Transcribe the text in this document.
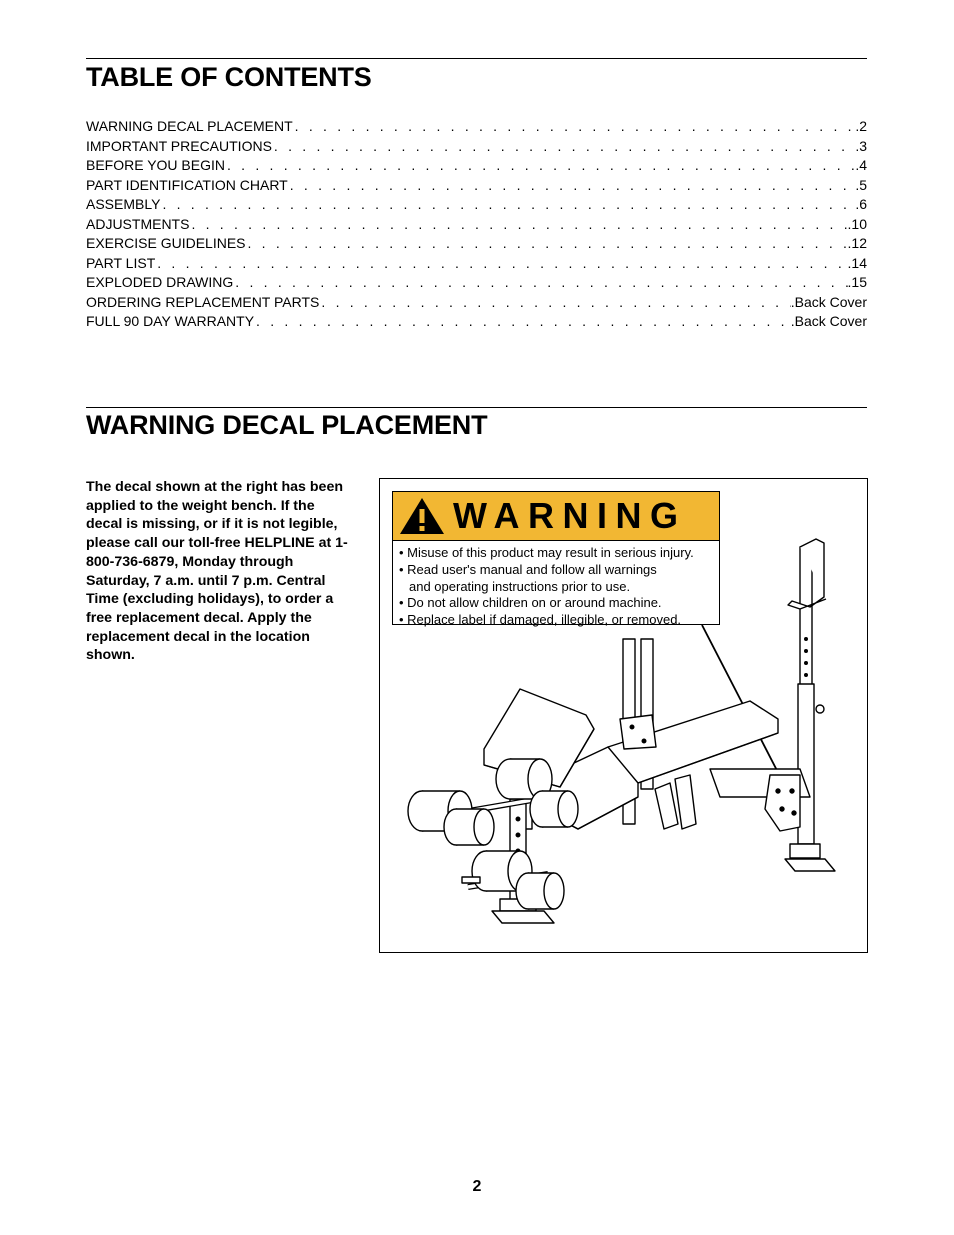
TABLE OF CONTENTS
WARNING DECAL PLACEMENT . . .	.2
IMPORTANT PRECAUTIONS . . .	.3
BEFORE YOU BEGIN . . .	.4
PART IDENTIFICATION CHART . . .	.5
ASSEMBLY . . .	.6
ADJUSTMENTS . . .	.10
EXERCISE GUIDELINES . . .	.12
PART LIST . . .	.14
EXPLODED DRAWING . . .	.15
ORDERING REPLACEMENT PARTS . . .	.Back Cover
FULL 90 DAY WARRANTY . . .	.Back Cover
WARNING DECAL PLACEMENT

The decal shown at the right has been applied to the weight bench. If the decal is missing, or if it is not legible, please call our toll-free HELPLINE at 1-800-736-6879, Monday through Saturday, 7 a.m. until 7 p.m. Central Time (excluding holidays), to order a free replacement decal. Apply the replacement decal in the location shown.

WARNING
• Misuse of this product may result in serious injury.
• Read user's manual and follow all warnings
and operating instructions prior to use.
• Do not allow children on or around machine.
• Replace label if damaged, illegible, or removed.
2
